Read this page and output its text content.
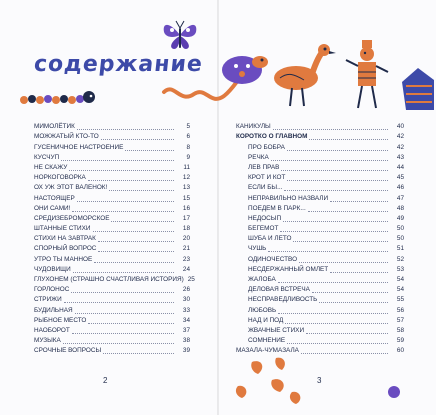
содержание
МИМОЛЁТИК	5
МОЖЖАТЫЙ КТО-ТО	6
ГУСЕНИЧНОЕ НАСТРОЕНИЕ	8
КУСЧУП	9
НЕ СКАЖУ	11
НОРКОГОВОРКА	12
ОХ УЖ ЭТОТ ВАЛЕНОК!	13
НАСТОЯЩЕР	15
ОНИ САМИ!	16
СРЕДИЗЕБРОМОРСКОЕ	17
ШТАННЫЕ СТИХИ	18
СТИХИ НА ЗАВТРАК	20
СПОРНЫЙ ВОПРОС	21
УТРО ТЫ МАННОЕ	23
ЧУДОВИЩИ	24
ГЛУХОНЕМ (СТРАШНО СЧАСТЛИВАЯ ИСТОРИЯ) 25
ГОРЛОНОС	26
СТРИЖИ	30
БУДИЛЬНАЯ	33
РЫБНОЕ МЕСТО	34
НАОБОРОТ	37
МУЗЫКА	38
СРОЧНЫЕ ВОПРОСЫ	39
КАНИКУЛЫ	40
КОРОТКО О ГЛАВНОМ	42
ПРО БОБРА	42
РЕЧКА	43
ЛЕВ ПРАВ	44
КРОТ И КОТ	45
ЕСЛИ БЫ...	46
НЕПРАВИЛЬНО НАЗВАЛИ	47
ПОЕДЕМ В ПАРК...	48
НЕДОСЫП	49
БЕГЕМОТ	50
ШУБА И ЛЕТО	50
ЧУШЬ	51
ОДИНОЧЕСТВО	52
НЕСДЕРЖАННЫЙ ОМЛЕТ	53
ЖАЛОБА	54
ДЕЛОВАЯ ВСТРЕЧА	54
НЕСПРАВЕДЛИВОСТЬ	55
ЛЮБОВЬ	56
НАД И ПОД	57
ЖВАЧНЫЕ СТИХИ	58
СОМНЕНИЕ	59
МАЗАЛА-ЧУМАЗАЛА	60
2	3
